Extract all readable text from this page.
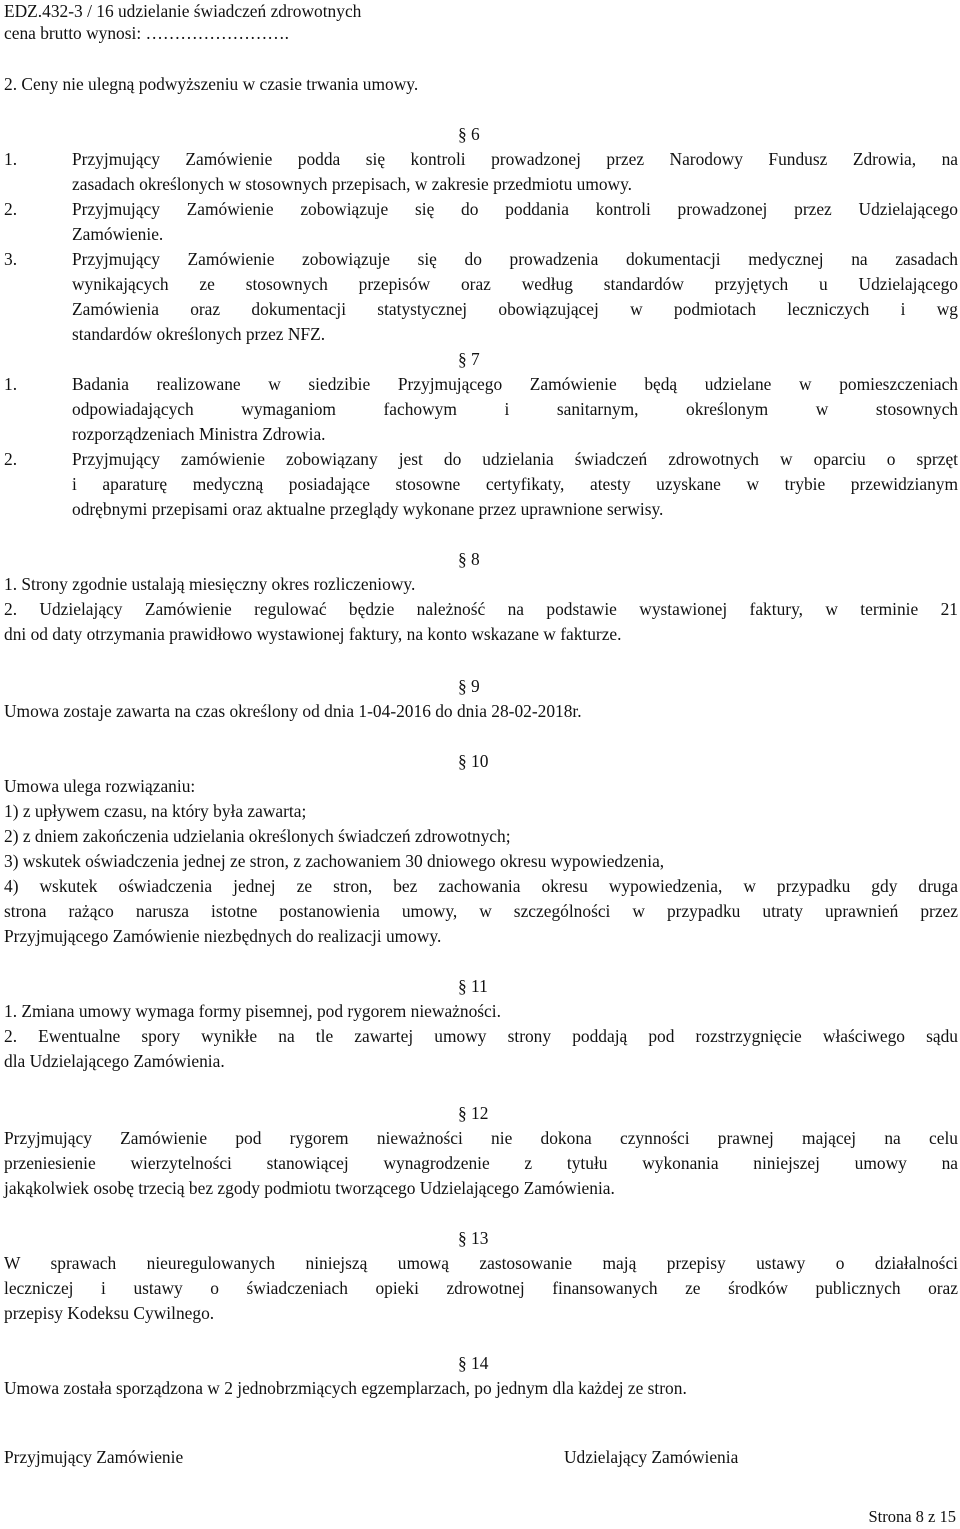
EDZ.432-3 / 16 udzielanie świadczeń zdrowotnych
cena brutto wynosi: …………………….
2. Ceny nie ulegną podwyższeniu w czasie trwania umowy.
§ 6
1.	Przyjmujący Zamówienie podda się kontroli prowadzonej przez Narodowy Fundusz Zdrowia, na
zasadach określonych w stosownych przepisach, w zakresie przedmiotu umowy.
2.	Przyjmujący Zamówienie zobowiązuje się do poddania kontroli prowadzonej przez Udzielającego
Zamówienie.
3.	Przyjmujący Zamówienie zobowiązuje się do prowadzenia dokumentacji medycznej na zasadach
wynikających ze stosownych przepisów oraz według standardów przyjętych u Udzielającego
Zamówienia oraz dokumentacji statystycznej obowiązującej w podmiotach leczniczych i wg
standardów określonych przez NFZ.
§ 7
1.	Badania realizowane w siedzibie Przyjmującego Zamówienie będą udzielane w pomieszczeniach
odpowiadających wymaganiom fachowym i sanitarnym, określonym w stosownych
rozporządzeniach Ministra Zdrowia.
2.	Przyjmujący zamówienie zobowiązany jest do udzielania świadczeń zdrowotnych w oparciu o sprzęt
i aparaturę medyczną posiadające stosowne certyfikaty, atesty uzyskane w trybie przewidzianym
odrębnymi przepisami oraz aktualne przeglądy wykonane przez uprawnione serwisy.
§ 8
1. Strony zgodnie ustalają miesięczny okres rozliczeniowy.
2. Udzielający Zamówienie regulować będzie należność na podstawie wystawionej faktury, w terminie 21
dni od daty otrzymania prawidłowo wystawionej faktury, na konto wskazane w fakturze.
§ 9
Umowa zostaje zawarta na czas określony od dnia 1-04-2016 do dnia 28-02-2018r.
§ 10
Umowa ulega rozwiązaniu:
1) z upływem czasu, na który była zawarta;
2) z dniem zakończenia udzielania określonych świadczeń zdrowotnych;
3) wskutek oświadczenia jednej ze stron, z zachowaniem 30 dniowego okresu wypowiedzenia,
4) wskutek oświadczenia jednej ze stron, bez zachowania okresu wypowiedzenia, w przypadku gdy druga
strona rażąco narusza istotne postanowienia umowy, w szczególności w przypadku utraty uprawnień przez
Przyjmującego Zamówienie niezbędnych do realizacji umowy.
§ 11
1. Zmiana umowy wymaga formy pisemnej, pod rygorem nieważności.
2. Ewentualne spory wynikłe na tle zawartej umowy strony poddają pod rozstrzygnięcie właściwego sądu
dla Udzielającego Zamówienia.
§ 12
Przyjmujący Zamówienie pod rygorem nieważności nie dokona czynności prawnej mającej na celu
przeniesienie wierzytelności stanowiącej wynagrodzenie z tytułu wykonania niniejszej umowy na
jakąkolwiek osobę trzecią bez zgody podmiotu tworzącego Udzielającego Zamówienia.
§ 13
W sprawach nieuregulowanych niniejszą umową zastosowanie mają przepisy ustawy o działalności
leczniczej i ustawy o świadczeniach opieki zdrowotnej finansowanych ze środków publicznych oraz
przepisy Kodeksu Cywilnego.
§ 14
Umowa została sporządzona w 2 jednobrzmiących egzemplarzach, po jednym dla każdej ze stron.
Przyjmujący Zamówienie	Udzielający Zamówienia
Strona 8 z 15
